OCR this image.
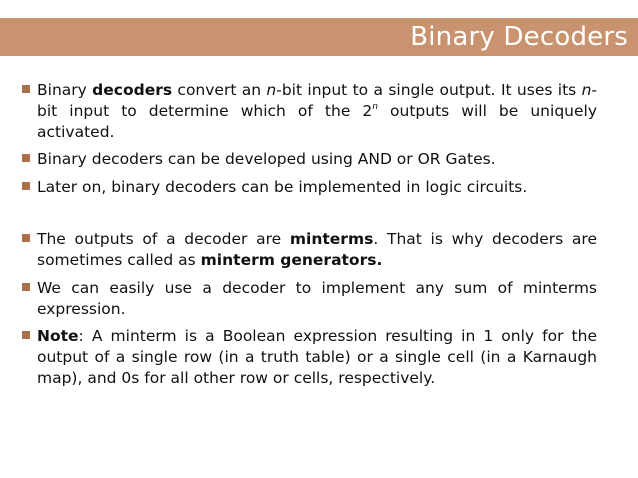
Binary Decoders
Binary decoders convert an n-bit input to a single output. It uses its n-bit input to determine which of the 2$^n$ outputs will be uniquely activated.
Binary decoders can be developed using AND or OR Gates.
Later on, binary decoders can be implemented in logic circuits.
The outputs of a decoder are minterms. That is why decoders are sometimes called as minterm generators.
We can easily use a decoder to implement any sum of minterms expression.
Note: A minterm is a Boolean expression resulting in 1 only for the output of a single row (in a truth table) or a single cell (in a Karnaugh map), and 0s for all other row or cells, respectively.
